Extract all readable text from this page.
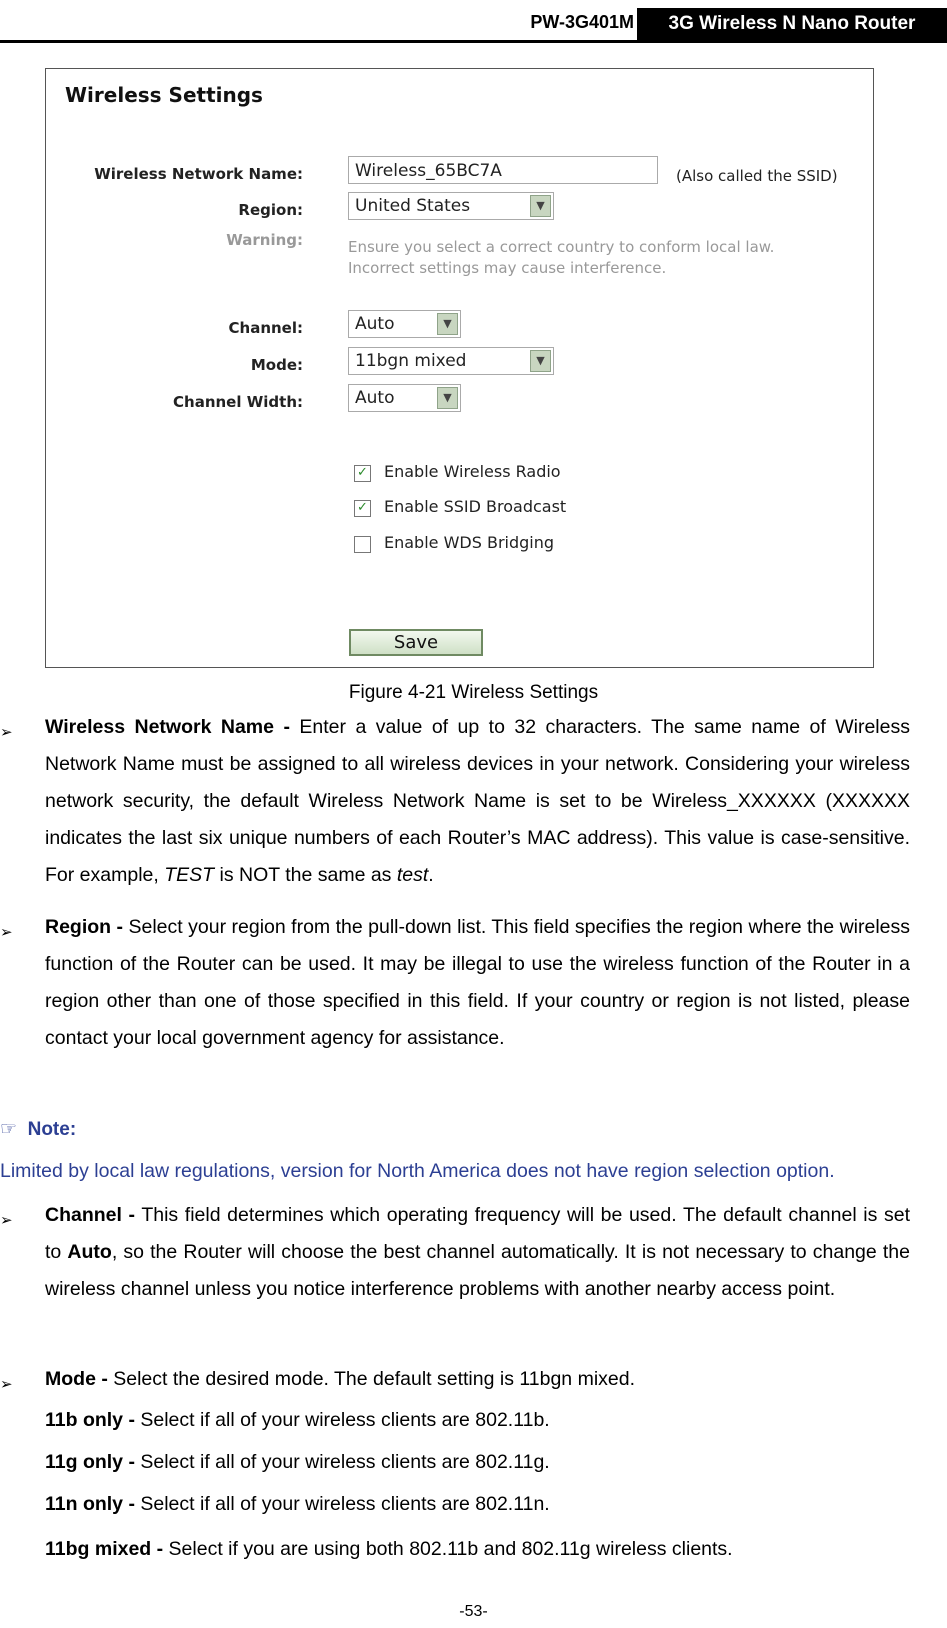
PW-3G401M	3G Wireless N Nano Router
Wireless Settings
Wireless Network Name:	Wireless_65BC7A	(Also called the SSID)
Region:	United States	▼
Warning:	Ensure you select a correct country to conform local law.
Incorrect settings may cause interference.
Channel:	Auto	▼
Mode:	11bgn mixed	▼
Channel Width:	Auto	▼
✓ Enable Wireless Radio
✓ Enable SSID Broadcast
Enable WDS Bridging
Save
Figure 4-21 Wireless Settings
➢ Wireless Network Name - Enter a value of up to 32 characters. The same name of Wireless Network Name must be assigned to all wireless devices in your network. Considering your wireless network security, the default Wireless Network Name is set to be Wireless_XXXXXX (XXXXXX indicates the last six unique numbers of each Router’s MAC address). This value is case-sensitive. For example, TEST is NOT the same as test.
➢ Region - Select your region from the pull-down list. This field specifies the region where the wireless function of the Router can be used. It may be illegal to use the wireless function of the Router in a region other than one of those specified in this field. If your country or region is not listed, please contact your local government agency for assistance.
☞ Note:
Limited by local law regulations, version for North America does not have region selection option.
➢ Channel - This field determines which operating frequency will be used. The default channel is set to Auto, so the Router will choose the best channel automatically. It is not necessary to change the wireless channel unless you notice interference problems with another nearby access point.
➢ Mode - Select the desired mode. The default setting is 11bgn mixed.
11b only - Select if all of your wireless clients are 802.11b.
11g only - Select if all of your wireless clients are 802.11g.
11n only - Select if all of your wireless clients are 802.11n.
11bg mixed - Select if you are using both 802.11b and 802.11g wireless clients.
-53-
